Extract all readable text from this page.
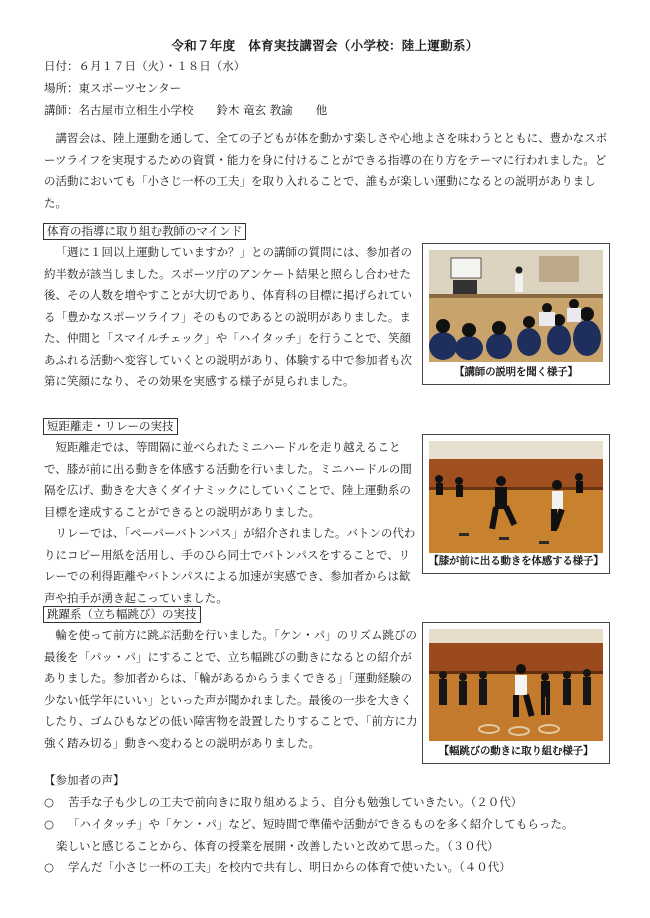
令和７年度　体育実技講習会（小学校：陸上運動系）
日付：６月１７日（火）・１８日（水）
場所：東スポーツセンター
講師：名古屋市立相生小学校　　鈴木 竜玄 教諭　　他

講習会は、陸上運動を通して、全ての子どもが体を動かす楽しさや心地よさを味わうとともに、豊かなスポーツライフを実現するための資質・能力を身に付けることができる指導の在り方をテーマに行われました。どの活動においても「小さじ一杯の工夫」を取り入れることで、誰もが楽しい運動になるとの説明がありました。

体育の指導に取り組む教師のマインド

「週に１回以上運動していますか？」との講師の質問には、参加者の約半数が該当しました。スポーツ庁のアンケート結果と照らし合わせた後、その人数を増やすことが大切であり、体育科の目標に掲げられている「豊かなスポーツライフ」そのものであるとの説明がありました。また、仲間と「スマイルチェック」や「ハイタッチ」を行うことで、笑顔あふれる活動へ変容していくとの説明があり、体験する中で参加者も次第に笑顔になり、その効果を実感する様子が見られました。

【講師の説明を聞く様子】
短距離走・リレーの実技

短距離走では、等間隔に並べられたミニハードルを走り越えることで、膝が前に出る動きを体感する活動を行いました。ミニハードルの間隔を広げ、動きを大きくダイナミックにしていくことで、陸上運動系の目標を達成することができるとの説明がありました。

リレーでは、「ペーパーバトンパス」が紹介されました。バトンの代わりにコピー用紙を活用し、手のひら同士でバトンパスをすることで、リレーでの利得距離やバトンパスによる加速が実感でき、参加者からは歓声や拍手が湧き起こっていました。

【膝が前に出る動きを体感する様子】
跳躍系（立ち幅跳び）の実技

輪を使って前方に跳ぶ活動を行いました。「ケン・パ」のリズム跳びの最後を「パッ・パ」にすることで、立ち幅跳びの動きになるとの紹介がありました。参加者からは、「輪があるからうまくできる」「運動経験の少ない低学年にいい」といった声が聞かれました。最後の一歩を大きくしたり、ゴムひもなどの低い障害物を設置したりすることで、「前方に力強く踏み切る」動きへ変わるとの説明がありました。

【幅跳びの動きに取り組む様子】
【参加者の声】
○ 苦手な子も少しの工夫で前向きに取り組めるよう、自分も勉強していきたい。（２０代）
○ 「ハイタッチ」や「ケン・パ」など、短時間で準備や活動ができるものを多く紹介してもらった。
楽しいと感じることから、体育の授業を展開・改善したいと改めて思った。（３０代）
○ 学んだ「小さじ一杯の工夫」を校内で共有し、明日からの体育で使いたい。（４０代）
